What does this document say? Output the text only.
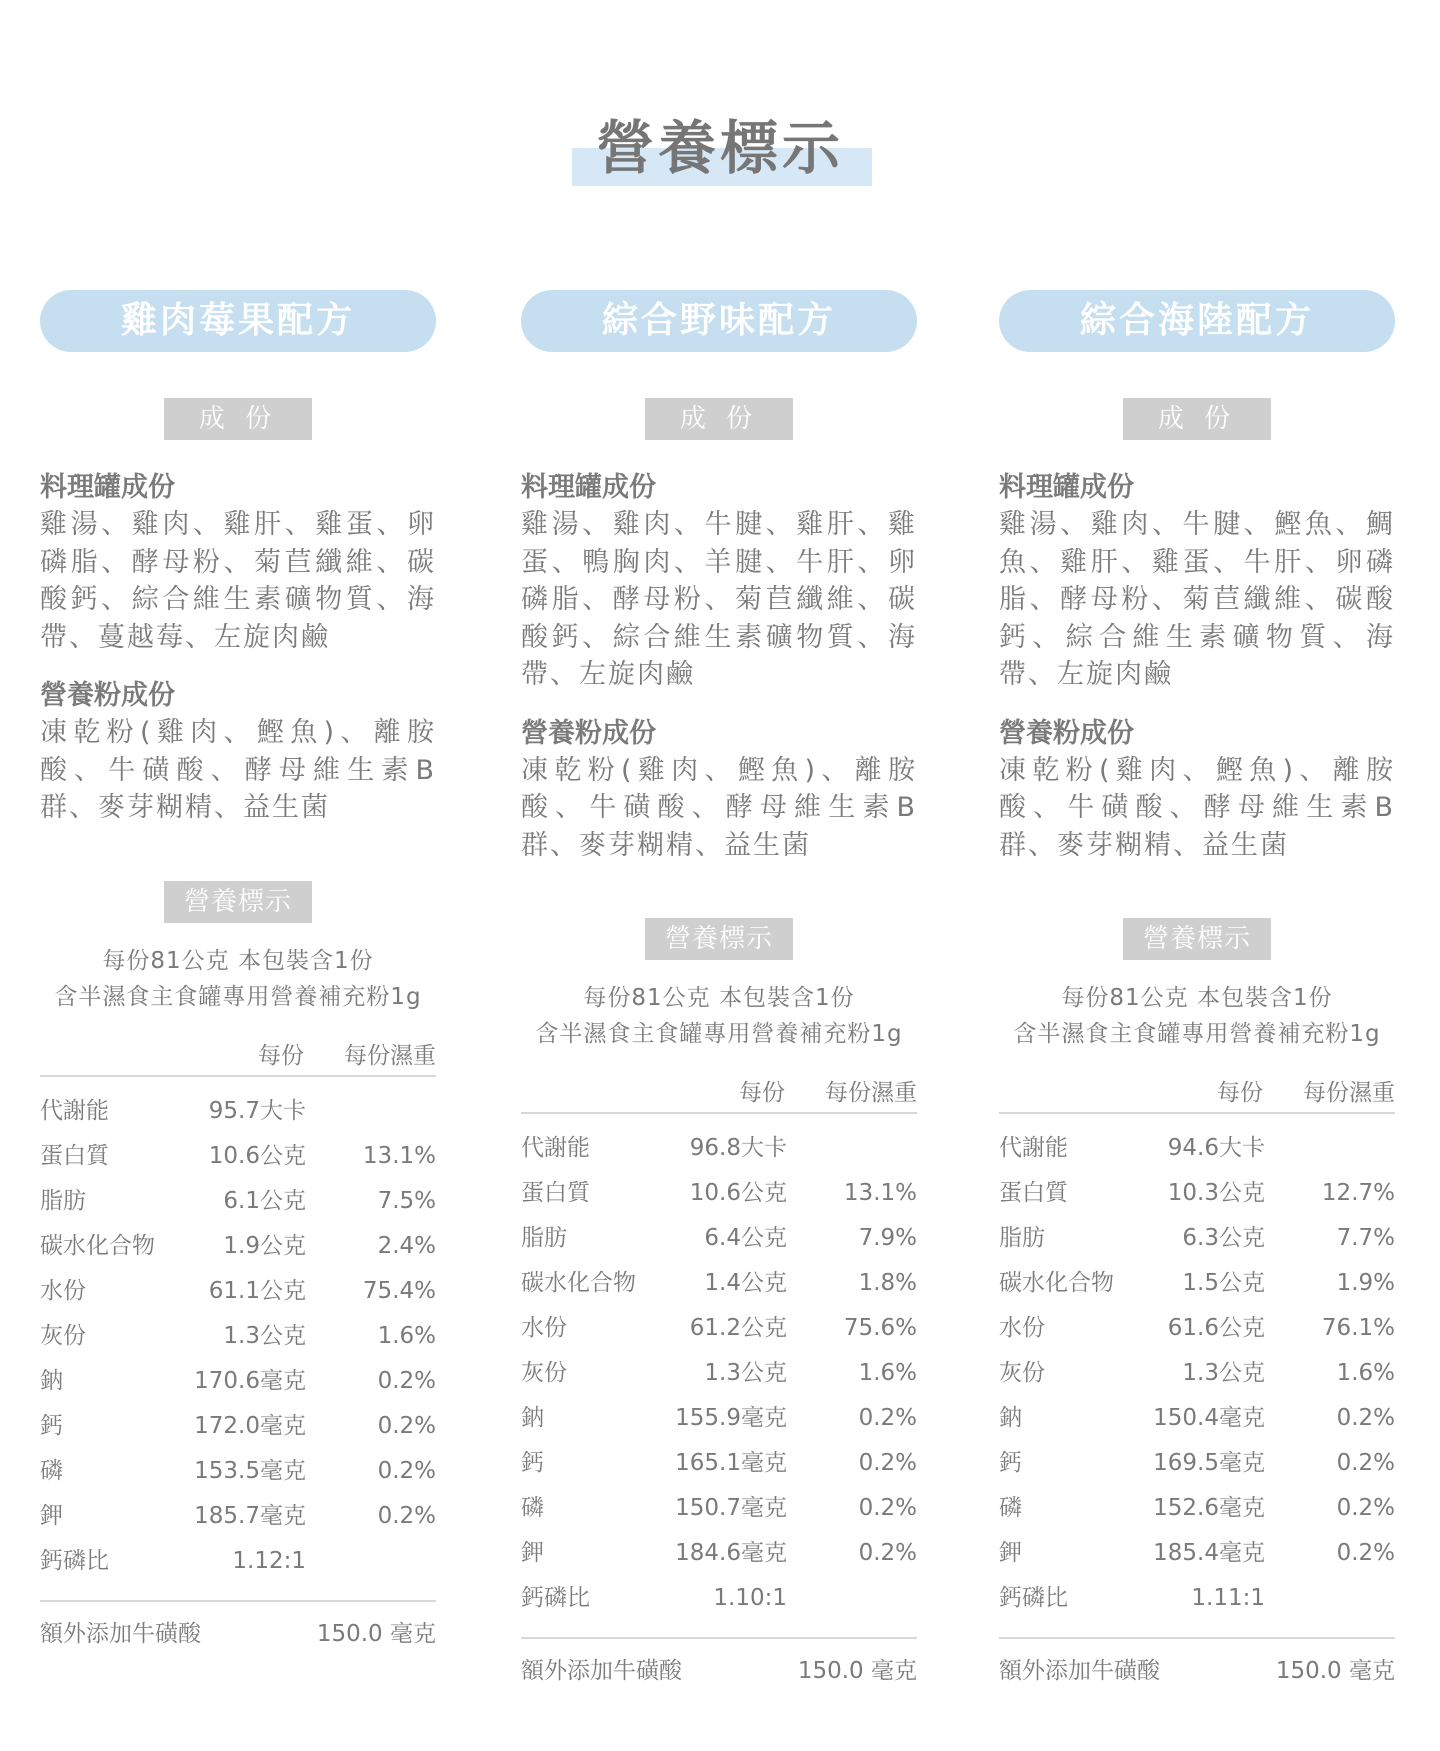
營養標示
雞肉莓果配方
成 份
料理罐成份
雞湯、雞肉、雞肝、雞蛋、卵磷脂、酵母粉、菊苣纖維、碳酸鈣、綜合維生素礦物質、海帶、蔓越莓、左旋肉鹼
營養粉成份
凍乾粉(雞肉、鰹魚)、離胺酸、牛磺酸、酵母維生素B群、麥芽糊精、益生菌
營養標示
每份81公克 本包裝含1份
含半濕食主食罐專用營養補充粉1g
每份 每份濕重
代謝能	95.7大卡
蛋白質	10.6公克 13.1%
脂肪	6.1公克	7.5%
碳水化合物	1.9公克	2.4%
水份	61.1公克 75.4%
灰份	1.3公克	1.6%
鈉	170.6毫克	0.2%
鈣	172.0毫克	0.2%
磷	153.5毫克	0.2%
鉀	185.7毫克	0.2%
鈣磷比	1.12:1
額外添加牛磺酸	150.0 毫克
綜合野味配方
成 份
料理罐成份
雞湯、雞肉、牛腱、雞肝、雞蛋、鴨胸肉、羊腱、牛肝、卵磷脂、酵母粉、菊苣纖維、碳酸鈣、綜合維生素礦物質、海帶、左旋肉鹼
營養粉成份
凍乾粉(雞肉、鰹魚)、離胺酸、牛磺酸、酵母維生素B群、麥芽糊精、益生菌
營養標示
每份81公克 本包裝含1份
含半濕食主食罐專用營養補充粉1g
每份 每份濕重
代謝能	96.8大卡
蛋白質	10.6公克 13.1%
脂肪	6.4公克	7.9%
碳水化合物	1.4公克	1.8%
水份	61.2公克 75.6%
灰份	1.3公克	1.6%
鈉	155.9毫克	0.2%
鈣	165.1毫克	0.2%
磷	150.7毫克	0.2%
鉀	184.6毫克	0.2%
鈣磷比	1.10:1
額外添加牛磺酸	150.0 毫克
綜合海陸配方
成 份
料理罐成份
雞湯、雞肉、牛腱、鰹魚、鯛魚、雞肝、雞蛋、牛肝、卵磷脂、酵母粉、菊苣纖維、碳酸鈣、綜合維生素礦物質、海帶、左旋肉鹼
營養粉成份
凍乾粉(雞肉、鰹魚)、離胺酸、牛磺酸、酵母維生素B群、麥芽糊精、益生菌
營養標示
每份81公克 本包裝含1份
含半濕食主食罐專用營養補充粉1g
每份 每份濕重
代謝能	94.6大卡
蛋白質	10.3公克 12.7%
脂肪	6.3公克	7.7%
碳水化合物	1.5公克	1.9%
水份	61.6公克 76.1%
灰份	1.3公克	1.6%
鈉	150.4毫克	0.2%
鈣	169.5毫克	0.2%
磷	152.6毫克	0.2%
鉀	185.4毫克	0.2%
鈣磷比	1.11:1
額外添加牛磺酸	150.0 毫克
